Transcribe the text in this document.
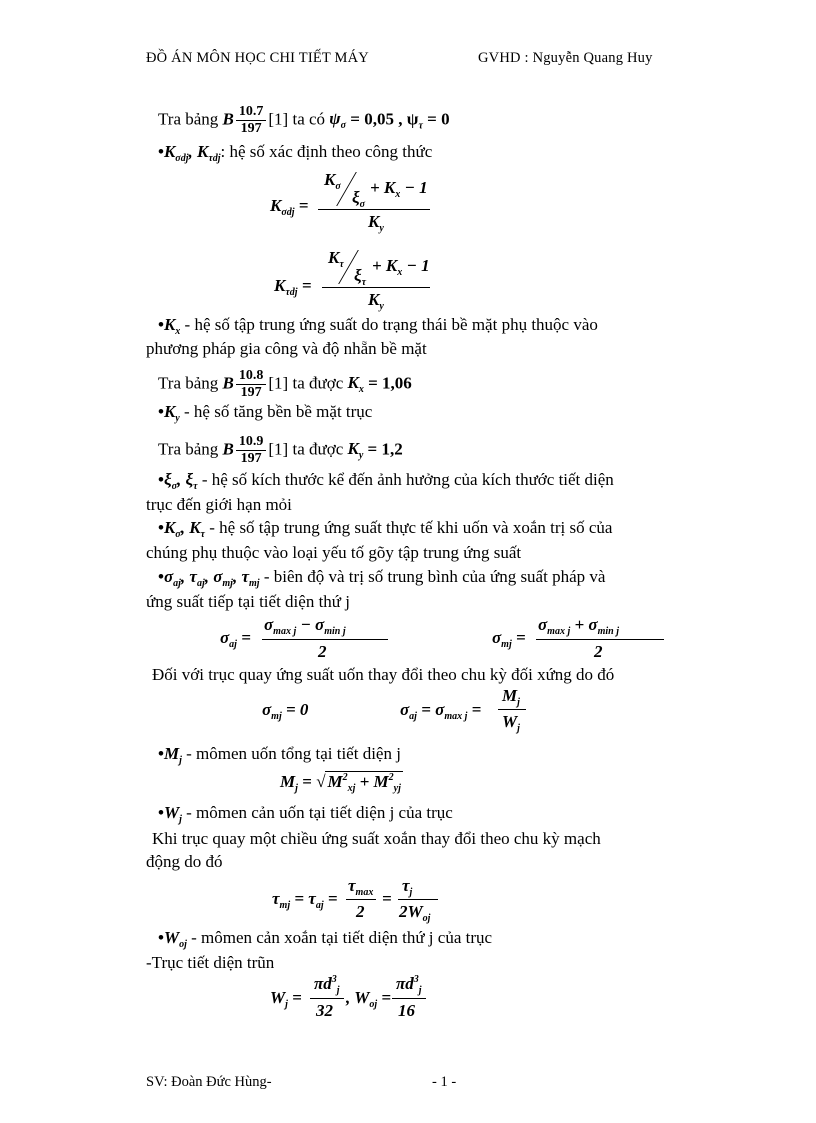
ĐỒ ÁN MÔN HỌC CHI TIẾT MÁY	GVHD : Nguyễn Quang Huy
Tra bảng B $\frac{10.7}{197} [1]$ ta có $\psi_\sigma = 0,05$ , $\psi_\tau = 0$
$•K_{\sigma dj}$, $K_{\tau dj}$: hệ số xác định theo công thức
$K_{\sigma dj}$ =
$K_\sigma$
$\xi_\sigma$
+ $K_x - 1$
$K_y$
$K_{\tau dj}$ =
$K_\tau$
$\xi_\tau$
+ $K_x - 1$
$K_y$
$•K_x$ - hệ số tập trung ứng suất do trạng thái bề mặt phụ thuộc vào
phương pháp gia công và độ nhẵn bề mặt
Tra bảng B $\frac{10.8}{197} [1]$ ta được $K_x = 1,06$
$•K_y$ - hệ số tăng bền bề mặt trục
Tra bảng B $\frac{10.9}{197} [1]$ ta được $K_y = 1,2$
$•\xi_\sigma$, $\xi_\tau$ - hệ số kích thước kể đến ảnh hưởng của kích thước tiết diện
trục đến giới hạn mỏi
$•K_\sigma$, $K_\tau$ - hệ số tập trung ứng suất thực tế khi uốn và xoắn trị số của
chúng phụ thuộc vào loại yếu tố gõy tập trung ứng suất
$•\sigma_{aj}$, $\tau_{aj}$, $\sigma_{mj}$, $\tau_{mj}$ - biên độ và trị số trung bình của ứng suất pháp và
ứng suất tiếp tại tiết diện thứ j
$\sigma_{aj}$ =
$\sigma_{max j} - \sigma_{min j}$
2
$\sigma_{mj}$ =
$\sigma_{max j} + \sigma_{min j}$
2
Đối với trục quay ứng suất uốn thay đổi theo chu kỳ đối xứng do đó
$\sigma_{mj} = 0$	$\sigma_{aj} = \sigma_{max j}$ =
$M_j$
$W_j$
$•M_j$ - mômen uốn tổng tại tiết diện j
$M_j$ = √ $M^2_{xj} + M^2_{yj}$
$•W_j$ - mômen cản uốn tại tiết diện j của trục
Khi trục quay một chiều ứng suất xoắn thay đổi theo chu kỳ mạch
động do đó
$\tau_{mj} = \tau_{aj}$ =
$\tau_{max}$
2
=
$\tau_j$
$2W_{oj}$
$•W_{oj}$ - mômen cản xoắn tại tiết diện thứ j của trục
-Trục tiết diện trũn
$W_j$ =
$\pi d^3_j$
32
, $W_{oj}$ =
$\pi d^3_j$
16
SV: Đoàn Đức Hùng-	- 1 -
